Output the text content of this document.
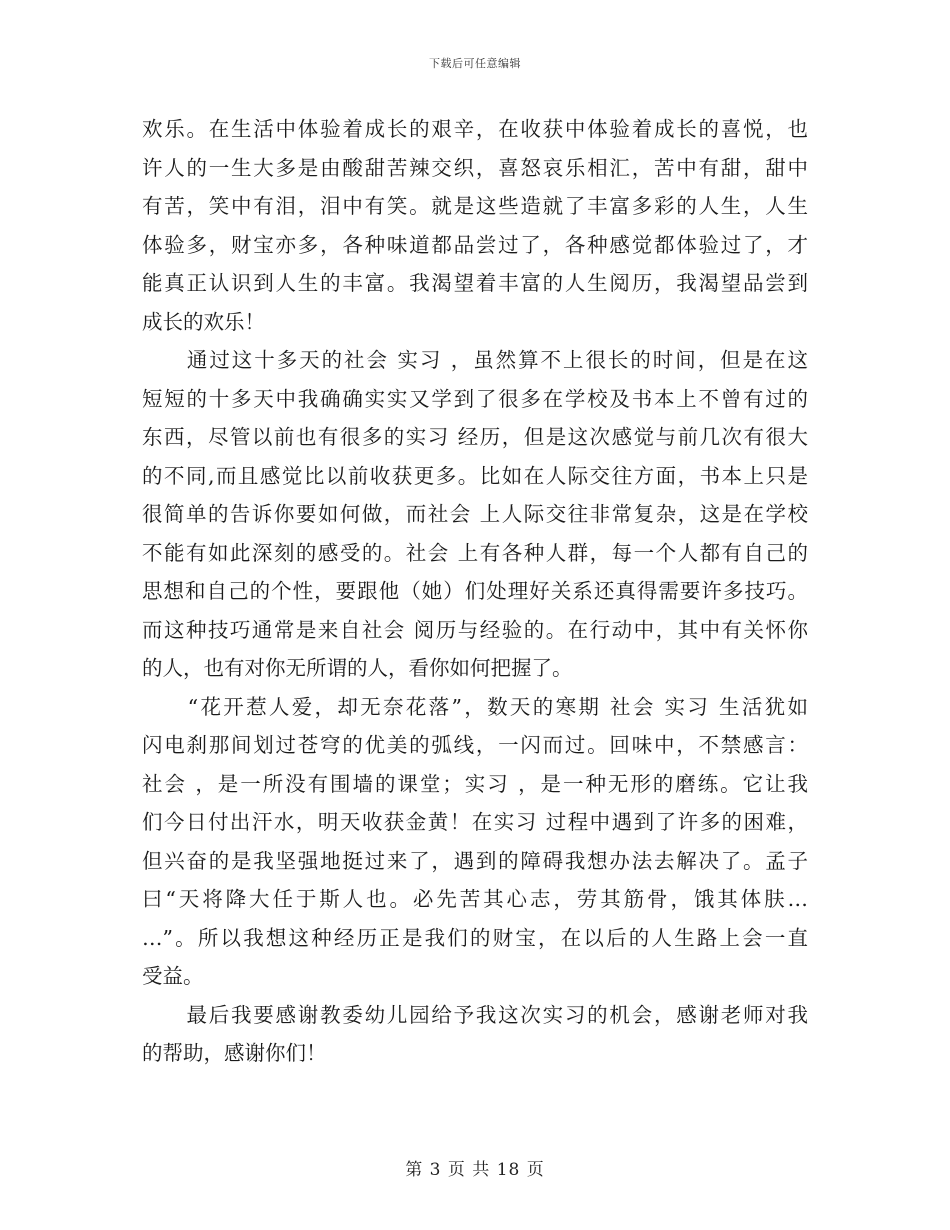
下载后可任意编辑
欢乐。在生活中体验着成长的艰辛，在收获中体验着成长的喜悦，也
许人的一生大多是由酸甜苦辣交织，喜怒哀乐相汇，苦中有甜，甜中
有苦，笑中有泪，泪中有笑。就是这些造就了丰富多彩的人生，人生
体验多，财宝亦多，各种味道都品尝过了，各种感觉都体验过了，才
能真正认识到人生的丰富。我渴望着丰富的人生阅历，我渴望品尝到
成长的欢乐！
　　通过这十多天的社会 实习 ，虽然算不上很长的时间，但是在这
短短的十多天中我确确实实又学到了很多在学校及书本上不曾有过的
东西，尽管以前也有很多的实习 经历，但是这次感觉与前几次有很大
的不同,而且感觉比以前收获更多。比如在人际交往方面，书本上只是
很简单的告诉你要如何做，而社会 上人际交往非常复杂，这是在学校
不能有如此深刻的感受的。社会 上有各种人群，每一个人都有自己的
思想和自己的个性，要跟他（她）们处理好关系还真得需要许多技巧。
而这种技巧通常是来自社会 阅历与经验的。在行动中，其中有关怀你
的人，也有对你无所谓的人，看你如何把握了。
　　“花开惹人爱，却无奈花落”，数天的寒期 社会 实习 生活犹如
闪电刹那间划过苍穹的优美的弧线，一闪而过。回味中，不禁感言：
社会 ，是一所没有围墙的课堂；实习 ，是一种无形的磨练。它让我
们今日付出汗水，明天收获金黄！在实习 过程中遇到了许多的困难，
但兴奋的是我坚强地挺过来了，遇到的障碍我想办法去解决了。孟子
曰“天将降大任于斯人也。必先苦其心志，劳其筋骨，饿其体肤…
…”。所以我想这种经历正是我们的财宝，在以后的人生路上会一直
受益。
　　最后我要感谢教委幼儿园给予我这次实习的机会，感谢老师对我
的帮助，感谢你们！
第 3 页 共 18 页
